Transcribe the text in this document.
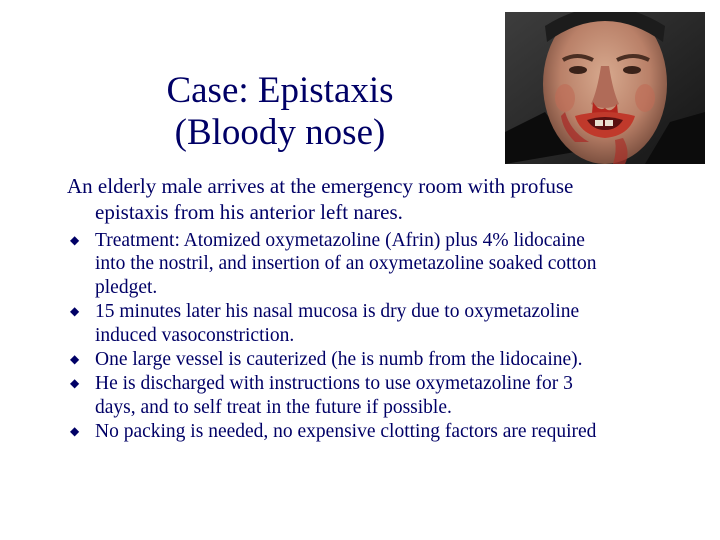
Case: Epistaxis
(Bloody nose)
An elderly male arrives at the emergency room with profuse
epistaxis from his anterior left nares.
◆ Treatment: Atomized oxymetazoline (Afrin) plus 4% lidocaine
into the nostril, and insertion of an oxymetazoline soaked cotton
pledget.
◆ 15 minutes later his nasal mucosa is dry due to oxymetazoline
induced vasoconstriction.
◆ One large vessel is cauterized (he is numb from the lidocaine).
◆ He is discharged with instructions to use oxymetazoline for 3
days, and to self treat in the future if possible.
◆ No packing is needed, no expensive clotting factors are required
